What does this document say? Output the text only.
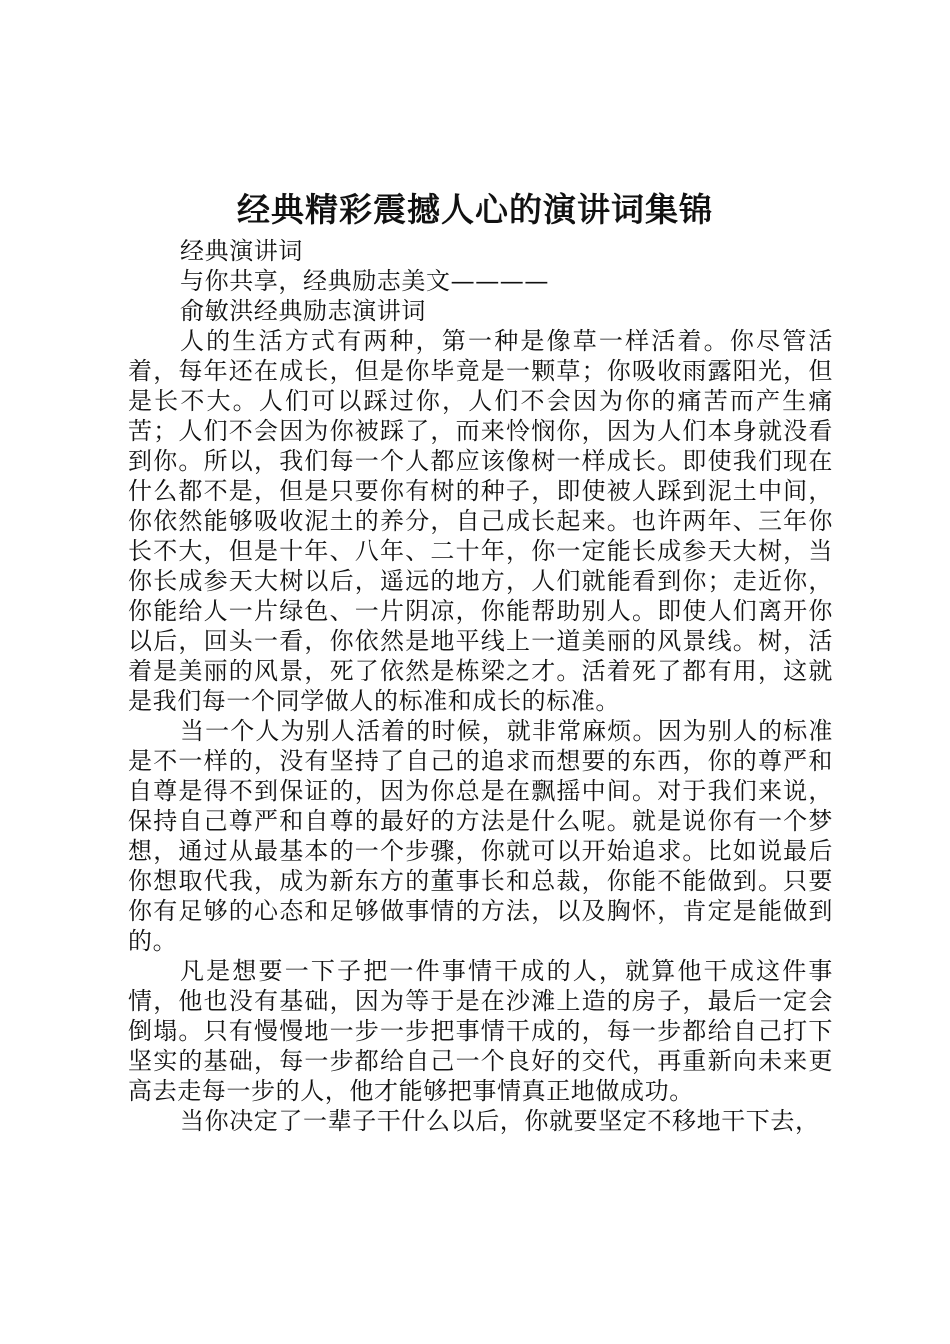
经典精彩震撼人心的演讲词集锦

经典演讲词

与你共享，经典励志美文————

俞敏洪经典励志演讲词

人的生活方式有两种，第一种是像草一样活着。你尽管活着，每年还在成长，但是你毕竟是一颗草；你吸收雨露阳光，但是长不大。人们可以踩过你，人们不会因为你的痛苦而产生痛苦；人们不会因为你被踩了，而来怜悯你，因为人们本身就没看到你。所以，我们每一个人都应该像树一样成长。即使我们现在什么都不是，但是只要你有树的种子，即使被人踩到泥土中间，你依然能够吸收泥土的养分，自己成长起来。也许两年、三年你长不大，但是十年、八年、二十年，你一定能长成参天大树，当你长成参天大树以后，遥远的地方，人们就能看到你；走近你，你能给人一片绿色、一片阴凉，你能帮助别人。即使人们离开你以后，回头一看，你依然是地平线上一道美丽的风景线。树，活着是美丽的风景，死了依然是栋梁之才。活着死了都有用，这就是我们每一个同学做人的标准和成长的标准。

当一个人为别人活着的时候，就非常麻烦。因为别人的标准是不一样的，没有坚持了自己的追求而想要的东西，你的尊严和自尊是得不到保证的，因为你总是在飘摇中间。对于我们来说，保持自己尊严和自尊的最好的方法是什么呢。就是说你有一个梦想，通过从最基本的一个步骤，你就可以开始追求。比如说最后你想取代我，成为新东方的董事长和总裁，你能不能做到。只要你有足够的心态和足够做事情的方法，以及胸怀，肯定是能做到的。

凡是想要一下子把一件事情干成的人，就算他干成这件事情，他也没有基础，因为等于是在沙滩上造的房子，最后一定会倒塌。只有慢慢地一步一步把事情干成的，每一步都给自己打下坚实的基础，每一步都给自己一个良好的交代，再重新向未来更高去走每一步的人，他才能够把事情真正地做成功。

当你决定了一辈子干什么以后，你就要坚定不移地干下去，
